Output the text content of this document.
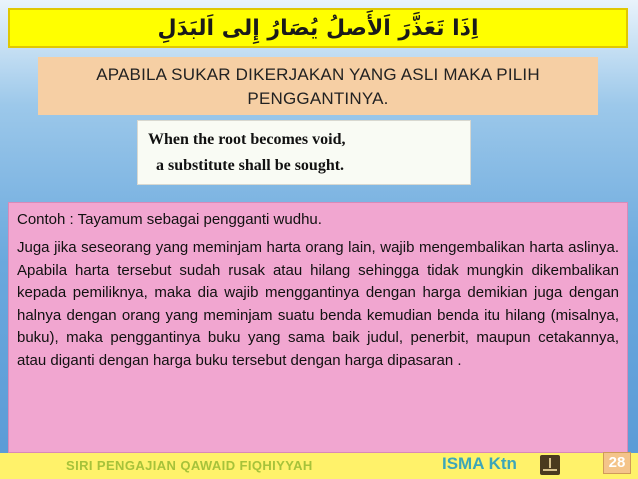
اِذَا تَعَذَّرَ اَلأَصلُ يُصَارُ إِلى اَلبَدَلِ
APABILA SUKAR DIKERJAKAN YANG ASLI MAKA PILIH
PENGGANTINYA.
When the root becomes void,
a substitute shall be sought.

Contoh : Tayamum sebagai pengganti wudhu.

Juga jika seseorang yang meminjam harta orang lain, wajib mengembalikan harta aslinya. Apabila harta tersebut sudah rusak atau hilang sehingga tidak mungkin dikembalikan kepada pemiliknya, maka dia wajib menggantinya dengan harga demikian juga dengan halnya dengan orang yang meminjam suatu benda kemudian benda itu hilang (misalnya, buku), maka penggantinya buku yang sama baik judul, penerbit, maupun cetakannya, atau diganti dengan harga buku tersebut dengan harga dipasaran .

SIRI PENGAJIAN QAWAID FIQHIYYAH	ISMA Ktn	28
